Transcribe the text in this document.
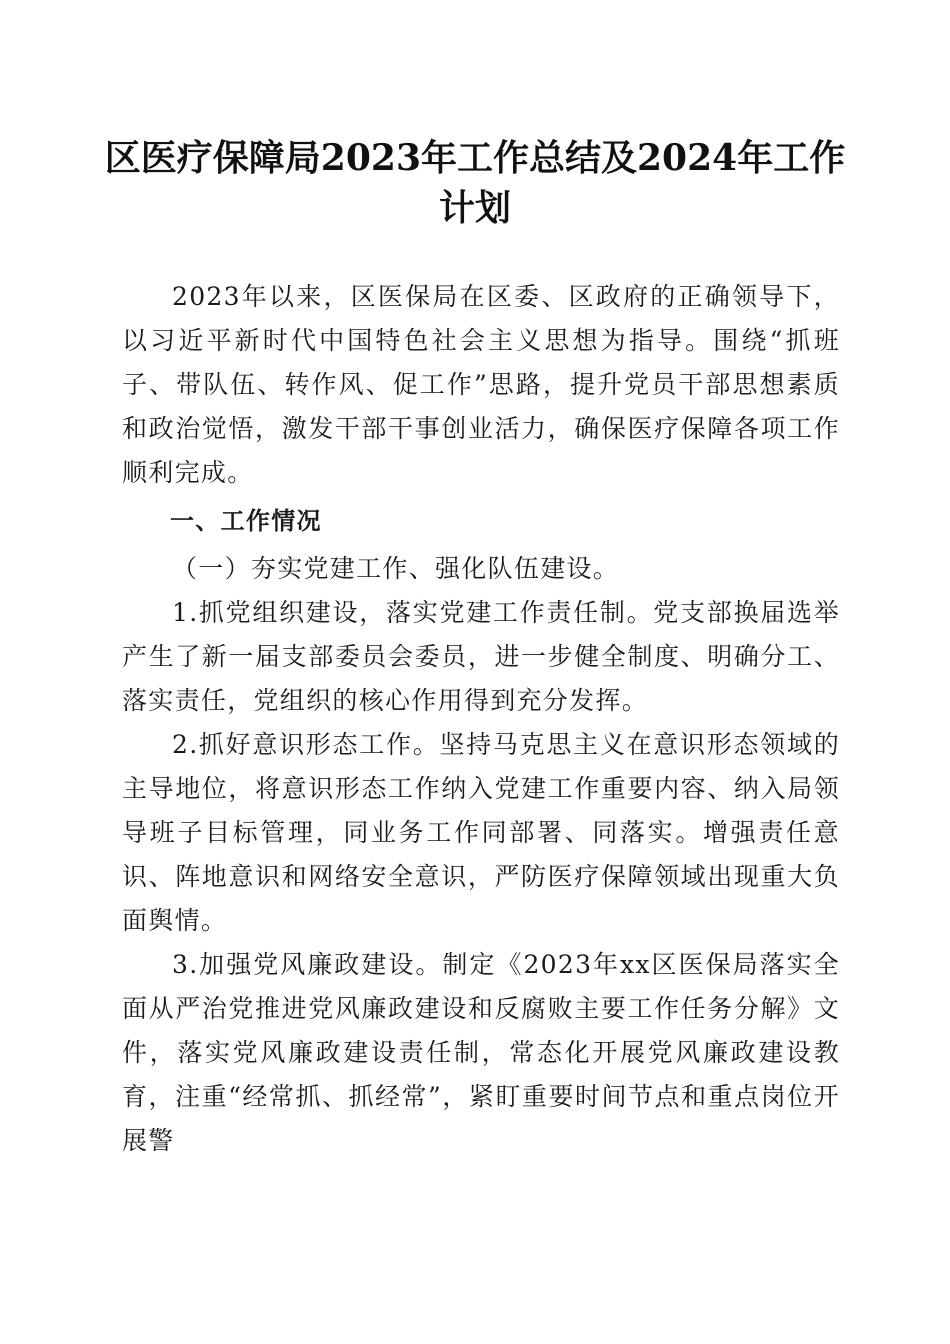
区医疗保障局2023年工作总结及2024年工作
计划

2023年以来，区医保局在区委、区政府的正确领导下，以习近平新时代中国特色社会主义思想为指导。围绕“抓班子、带队伍、转作风、促工作”思路，提升党员干部思想素质和政治觉悟，激发干部干事创业活力，确保医疗保障各项工作顺利完成。

一、工作情况

（一）夯实党建工作、强化队伍建设。

1.抓党组织建设，落实党建工作责任制。党支部换届选举产生了新一届支部委员会委员，进一步健全制度、明确分工、落实责任，党组织的核心作用得到充分发挥。

2.抓好意识形态工作。坚持马克思主义在意识形态领域的主导地位，将意识形态工作纳入党建工作重要内容、纳入局领导班子目标管理，同业务工作同部署、同落实。增强责任意识、阵地意识和网络安全意识，严防医疗保障领域出现重大负面舆情。

3.加强党风廉政建设。制定《2023年xx区医保局落实全面从严治党推进党风廉政建设和反腐败主要工作任务分解》文件，落实党风廉政建设责任制，常态化开展党风廉政建设教育，注重“经常抓、抓经常”，紧盯重要时间节点和重点岗位开展警
